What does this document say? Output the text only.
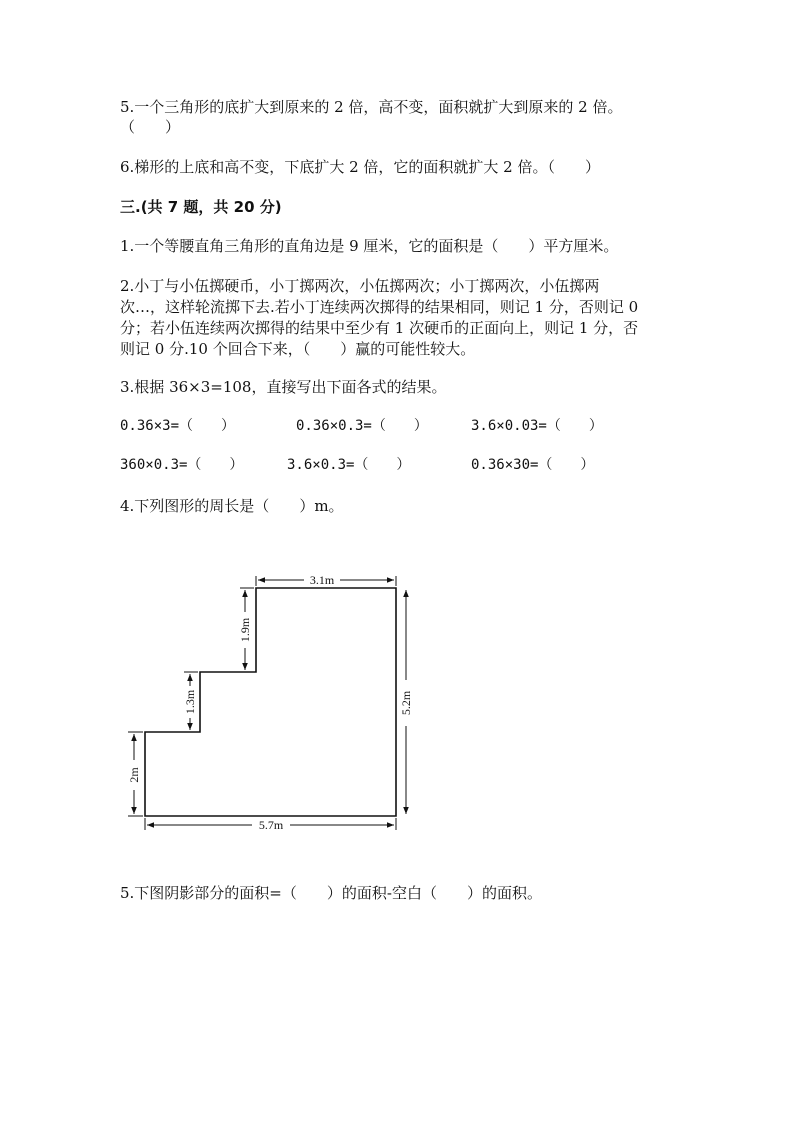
5.一个三角形的底扩大到原来的 2 倍，高不变，面积就扩大到原来的 2 倍。
（　　）
6.梯形的上底和高不变，下底扩大 2 倍，它的面积就扩大 2 倍。（　　）
三.(共 7 题，共 20 分)
1.一个等腰直角三角形的直角边是 9 厘米，它的面积是（　　）平方厘米。
2.小丁与小伍掷硬币，小丁掷两次，小伍掷两次；小丁掷两次，小伍掷两
次…，这样轮流掷下去.若小丁连续两次掷得的结果相同，则记 1 分，否则记 0
分；若小伍连续两次掷得的结果中至少有 1 次硬币的正面向上，则记 1 分，否
则记 0 分.10 个回合下来，（　　）赢的可能性较大。
3.根据 36×3=108，直接写出下面各式的结果。
0.36×3=（　　）	0.36×0.3=（　　）	3.6×0.03=（　　）
360×0.3=（　　）	3.6×0.3=（　　）	0.36×30=（　　）
4.下列图形的周长是（　　）m。
3.1m
5.2m
1.9m
1.3m
2m
5.7m
5.下图阴影部分的面积=（　　）的面积-空白（　　）的面积。
